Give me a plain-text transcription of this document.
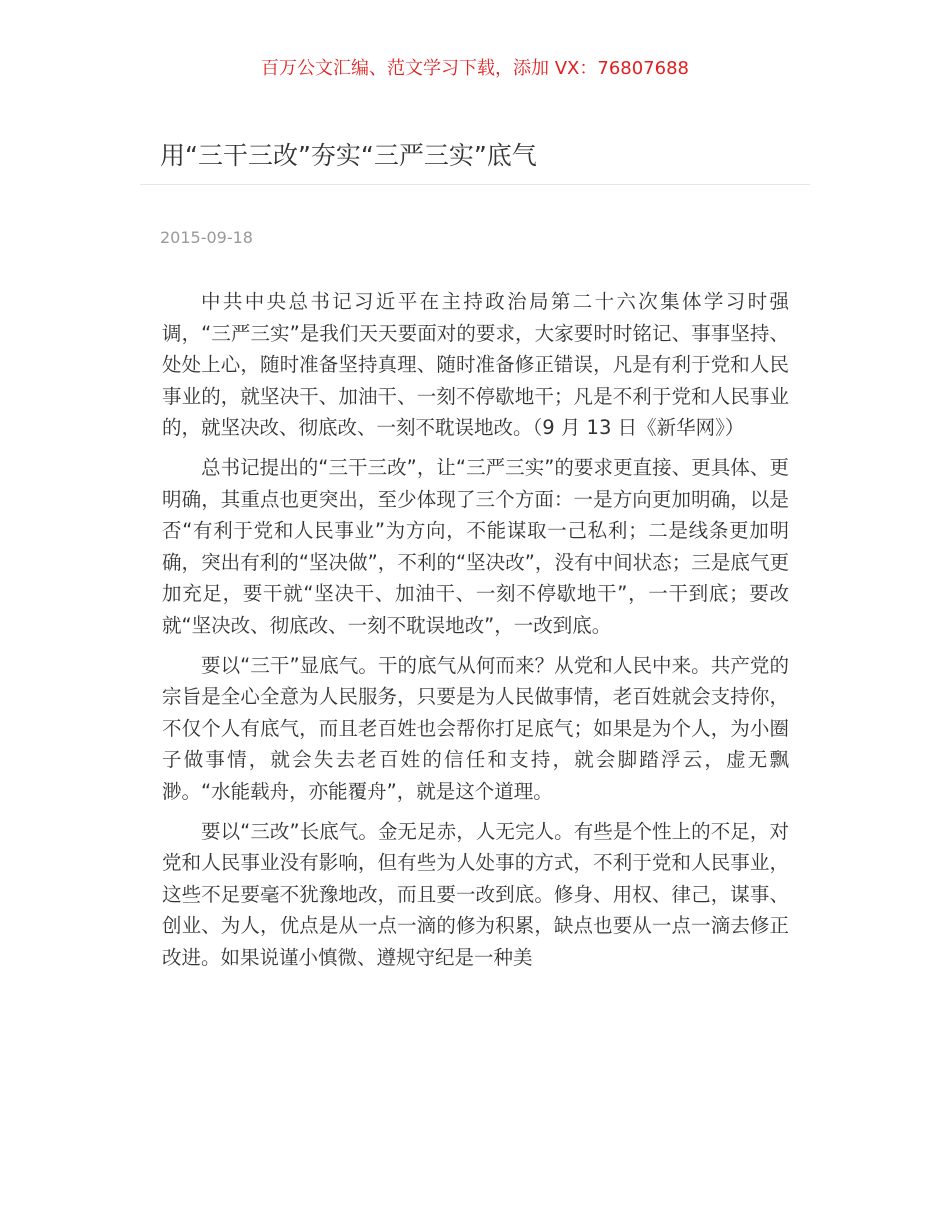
百万公文汇编、范文学习下载，添加 VX：76807688
用“三干三改”夯实“三严三实”底气
2015-09-18

中共中央总书记习近平在主持政治局第二十六次集体学习时强调，“三严三实”是我们天天要面对的要求，大家要时时铭记、事事坚持、处处上心，随时准备坚持真理、随时准备修正错误，凡是有利于党和人民事业的，就坚决干、加油干、一刻不停歇地干；凡是不利于党和人民事业的，就坚决改、彻底改、一刻不耽误地改。（9 月 13 日《新华网》）

总书记提出的“三干三改”，让“三严三实”的要求更直接、更具体、更明确，其重点也更突出，至少体现了三个方面：一是方向更加明确，以是否“有利于党和人民事业”为方向，不能谋取一己私利；二是线条更加明确，突出有利的“坚决做”，不利的“坚决改”，没有中间状态；三是底气更加充足，要干就“坚决干、加油干、一刻不停歇地干”，一干到底；要改就“坚决改、彻底改、一刻不耽误地改”，一改到底。

要以“三干”显底气。干的底气从何而来？从党和人民中来。共产党的宗旨是全心全意为人民服务，只要是为人民做事情，老百姓就会支持你，不仅个人有底气，而且老百姓也会帮你打足底气；如果是为个人，为小圈子做事情，就会失去老百姓的信任和支持，就会脚踏浮云，虚无飘渺。“水能载舟，亦能覆舟”，就是这个道理。

要以“三改”长底气。金无足赤，人无完人。有些是个性上的不足，对党和人民事业没有影响，但有些为人处事的方式，不利于党和人民事业，这些不足要毫不犹豫地改，而且要一改到底。修身、用权、律己，谋事、创业、为人，优点是从一点一滴的修为积累，缺点也要从一点一滴去修正改进。如果说谨小慎微、遵规守纪是一种美
